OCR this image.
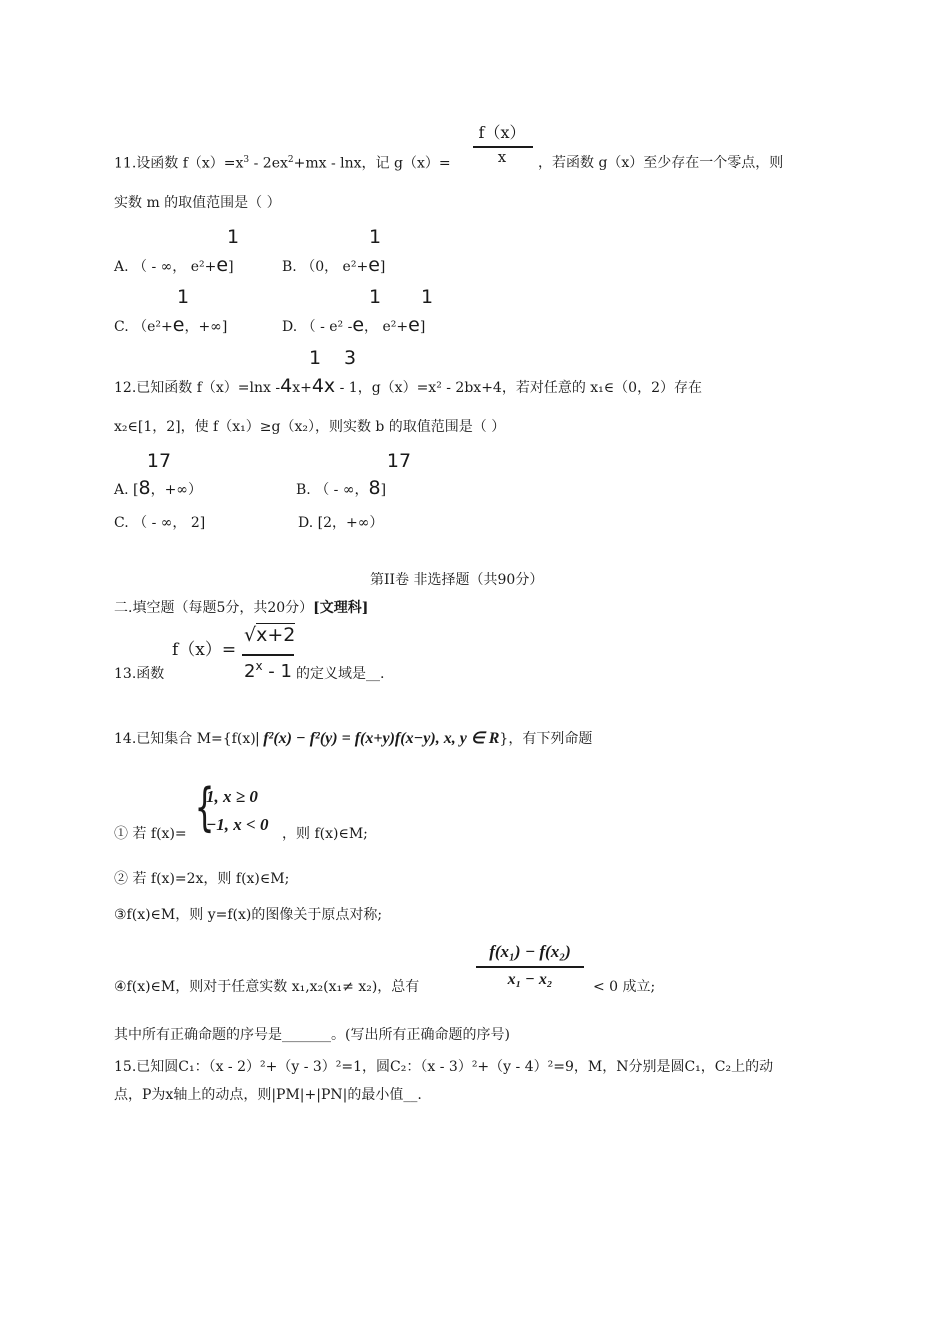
f（x）
x
11.设函数 $f(x)=x^3 - 2ex^2+mx - \ln x$，记 g（x）=	，若函数 g（x）至少存在一个零点，则
实数 m 的取值范围是（ ）
1
A. （ - ∞， e²+e]
1
B. （0， e²+e]
1
C. （e²+e，+∞]
1 1
D. （ - e² -e， e²+e]
1 3
12.已知函数 f（x）=lnx -4x+4x - 1，g（x）=x² - 2bx+4，若对任意的 x₁∈（0，2）存在
x₂∈[1，2]，使 f（x₁）≥g（x₂），则实数 b 的取值范围是（ ）
17
A. [8，+∞）
17
B. （ - ∞，8]
C. （ - ∞， 2]	D. [2，+∞）
第II卷 非选择题（共90分）
二.填空题（每题5分，共20分）[文理科]
f（x）=
√x+2
2$^x$ - 1
13.函数	的定义域是__.
14.已知集合 M={f(x)| f²(x) − f²(y) = f(x+y)f(x−y), x, y ∈ R}，有下列命题
{
1, x ≥ 0
−1, x < 0
① 若 f(x)=	，则 f(x)∈M;
② 若 f(x)=2x，则 f(x)∈M;
③f(x)∈M，则 y=f(x)的图像关于原点对称;
f(x₁) − f(x₂)
x₁ − x₂
④f(x)∈M，则对于任意实数 x₁,x₂(x₁≠ x₂)，总有	< 0 成立;
其中所有正确命题的序号是_______。(写出所有正确命题的序号)
15.已知圆C₁：（x - 2）²+（y - 3）²=1，圆C₂：（x - 3）²+（y - 4）²=9，M，N分别是圆C₁，C₂上的动
点，P为x轴上的动点，则|PM|+|PN|的最小值__.
